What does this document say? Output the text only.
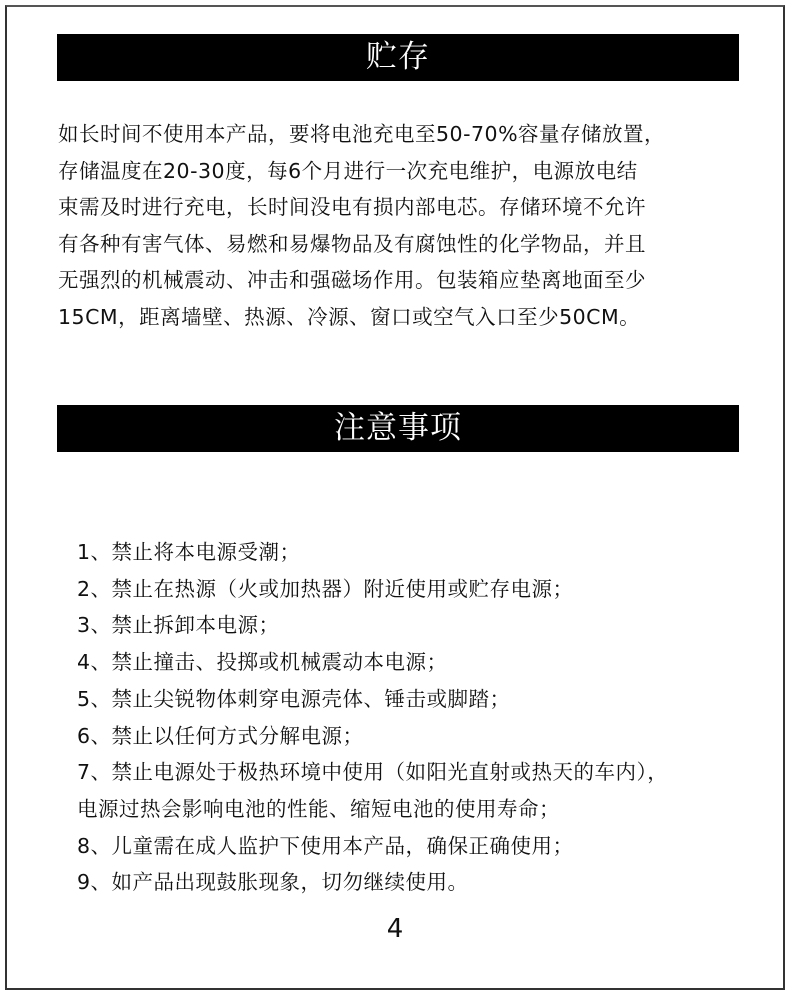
贮存
如长时间不使用本产品，要将电池充电至50-70%容量存储放置，
存储温度在20-30度，每6个月进行一次充电维护，电源放电结
束需及时进行充电，长时间没电有损内部电芯。存储环境不允许
有各种有害气体、易燃和易爆物品及有腐蚀性的化学物品，并且
无强烈的机械震动、冲击和强磁场作用。包装箱应垫离地面至少
15CM，距离墙壁、热源、冷源、窗口或空气入口至少50CM。
注意事项
1、禁止将本电源受潮；
2、禁止在热源（火或加热器）附近使用或贮存电源；
3、禁止拆卸本电源；
4、禁止撞击、投掷或机械震动本电源；
5、禁止尖锐物体刺穿电源壳体、锤击或脚踏；
6、禁止以任何方式分解电源；
7、禁止电源处于极热环境中使用（如阳光直射或热天的车内），
电源过热会影响电池的性能、缩短电池的使用寿命；
8、儿童需在成人监护下使用本产品，确保正确使用；
9、如产品出现鼓胀现象，切勿继续使用。
4
